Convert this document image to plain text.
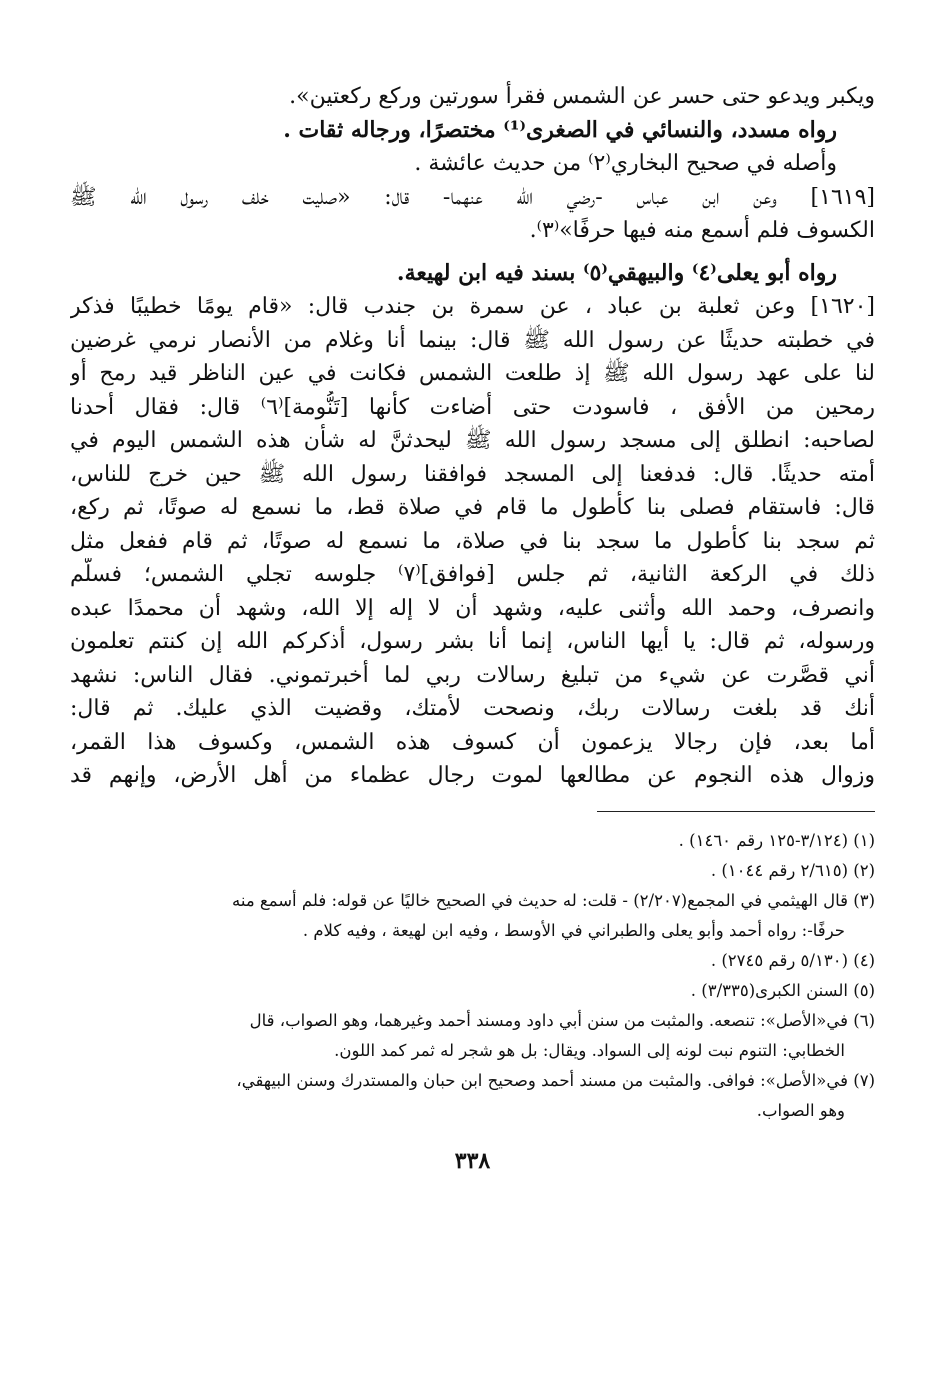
ويكبر ويدعو حتى حسر عن الشمس فقرأ سورتين وركع ركعتين».
رواه مسدد، والنسائي في الصغرى⁽¹⁾ مختصرًا، ورجاله ثقات .
وأصله في صحيح البخاري⁽٢⁾ من حديث عائشة .
[١٦١٩] وعن ابن عباس -رضي الله عنهما- قال: «صليت خلف رسول الله ﷺ
الكسوف فلم أسمع منه فيها حرفًا»⁽٣⁾.
رواه أبو يعلى⁽٤⁾ والبيهقي⁽٥⁾ بسند فيه ابن لهيعة.
[١٦٢٠] وعن ثعلبة بن عباد ، عن سمرة بن جندب قال: «قام يومًا خطيبًا فذكر
في خطبته حديثًا عن رسول الله ﷺ قال: بينما أنا وغلام من الأنصار نرمي غرضين
لنا على عهد رسول الله ﷺ إذ طلعت الشمس فكانت في عين الناظر قيد رمح أو
رمحين من الأفق ، فاسودت حتى أضاءت كأنها [تَنُّومة]⁽٦⁾ قال: فقال أحدنا
لصاحبه: انطلق إلى مسجد رسول الله ﷺ ليحدثنَّ له شأن هذه الشمس اليوم في
أمته حديثًا. قال: فدفعنا إلى المسجد فوافقنا رسول الله ﷺ حين خرج للناس،
قال: فاستقام فصلى بنا كأطول ما قام في صلاة قط، ما نسمع له صوتًا، ثم ركع،
ثم سجد بنا كأطول ما سجد بنا في صلاة، ما نسمع له صوتًا، ثم قام ففعل مثل
ذلك في الركعة الثانية، ثم جلس [فوافق]⁽٧⁾ جلوسه تجلي الشمس؛ فسلَّم
وانصرف، وحمد الله وأثنى عليه، وشهد أن لا إله إلا الله، وشهد أن محمدًا عبده
ورسوله، ثم قال: يا أيها الناس، إنما أنا بشر رسول، أذكركم الله إن كنتم تعلمون
أني قصَّرت عن شيء من تبليغ رسالات ربي لما أخبرتموني. فقال الناس: نشهد
أنك قد بلغت رسالات ربك، ونصحت لأمتك، وقضيت الذي عليك. ثم قال:
أما بعد، فإن رجالا يزعمون أن كسوف هذه الشمس، وكسوف هذا القمر،
وزوال هذه النجوم عن مطالعها لموت رجال عظماء من أهل الأرض، وإنهم قد
(١) (٣/١٢٤-١٢٥ رقم ١٤٦٠) .
(٢) (٢/٦١٥ رقم ١٠٤٤) .
(٣) قال الهيثمي في المجمع(٢/٢٠٧) - قلت: له حديث في الصحيح خاليًا عن قوله: فلم أسمع منه
حرفًا-: رواه أحمد وأبو يعلى والطبراني في الأوسط ، وفيه ابن لهيعة ، وفيه كلام .
(٤) (٥/١٣٠ رقم ٢٧٤٥) .
(٥) السنن الكبرى(٣/٣٣٥) .
(٦) في«الأصل»: تنصعه. والمثبت من سنن أبي داود ومسند أحمد وغيرهما، وهو الصواب، قال
الخطابي: التنوم نبت لونه إلى السواد. ويقال: بل هو شجر له ثمر كمد اللون.
(٧) في«الأصل»: فوافى. والمثبت من مسند أحمد وصحيح ابن حبان والمستدرك وسنن البيهقي،
وهو الصواب.
٣٣٨
